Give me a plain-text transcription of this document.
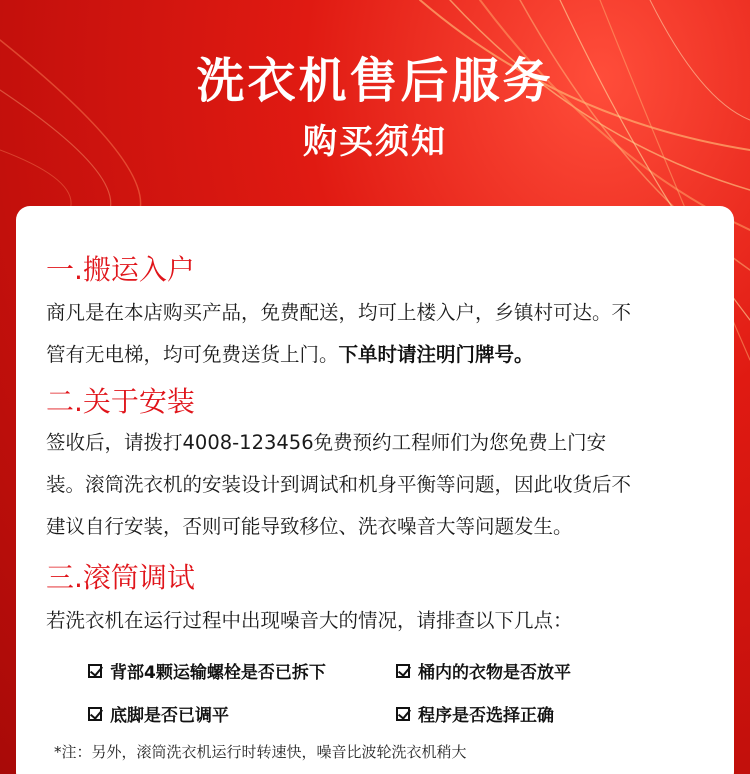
洗衣机售后服务
购买须知
一.搬运入户
商凡是在本店购买产品，免费配送，均可上楼入户，乡镇村可达。不
管有无电梯，均可免费送货上门。下单时请注明门牌号。
二.关于安装
签收后，请拨打4008-123456免费预约工程师们为您免费上门安
装。滚筒洗衣机的安装设计到调试和机身平衡等问题，因此收货后不
建议自行安装，否则可能导致移位、洗衣噪音大等问题发生。
三.滚筒调试
若洗衣机在运行过程中出现噪音大的情况，请排查以下几点：
背部4颗运输螺栓是否已拆下	桶内的衣物是否放平
底脚是否已调平	程序是否选择正确
*注：另外，滚筒洗衣机运行时转速快，噪音比波轮洗衣机稍大
